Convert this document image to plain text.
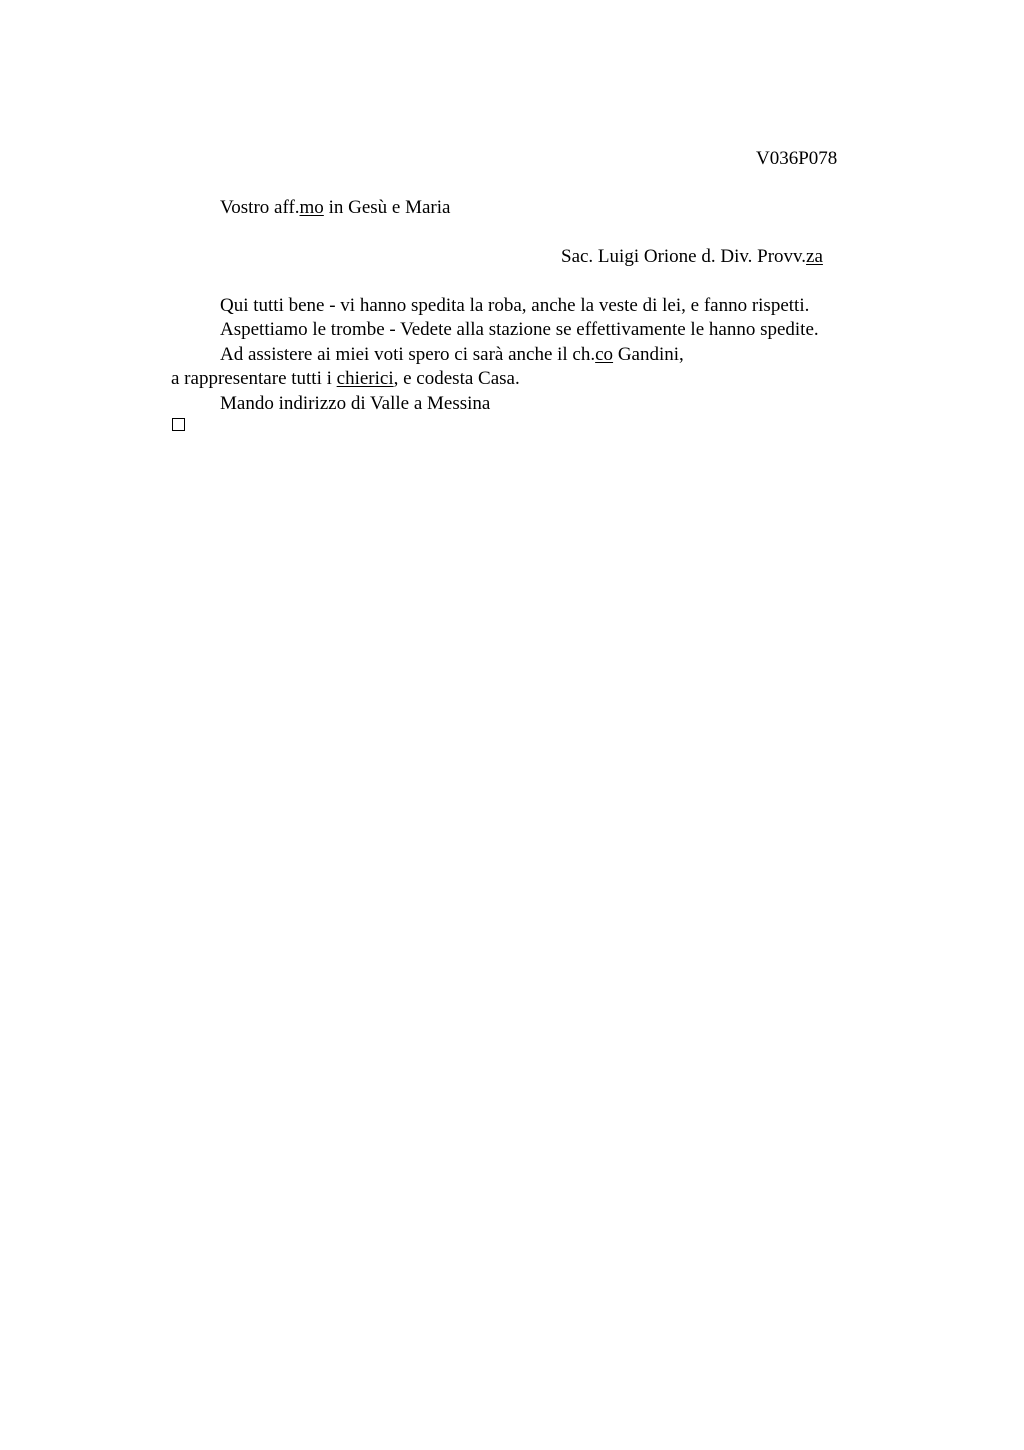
V036P078
Vostro aff.mo in Gesù e Maria
Sac. Luigi Orione d. Div. Provv.za
Qui tutti bene - vi hanno spedita la roba, anche la veste di lei, e fanno rispetti.
Aspettiamo le trombe - Vedete alla stazione se effettivamente le hanno spedite.
Ad assistere ai miei voti spero ci sarà anche il ch.co Gandini,
a rappresentare tutti i chierici, e codesta Casa.
Mando indirizzo di Valle a Messina
